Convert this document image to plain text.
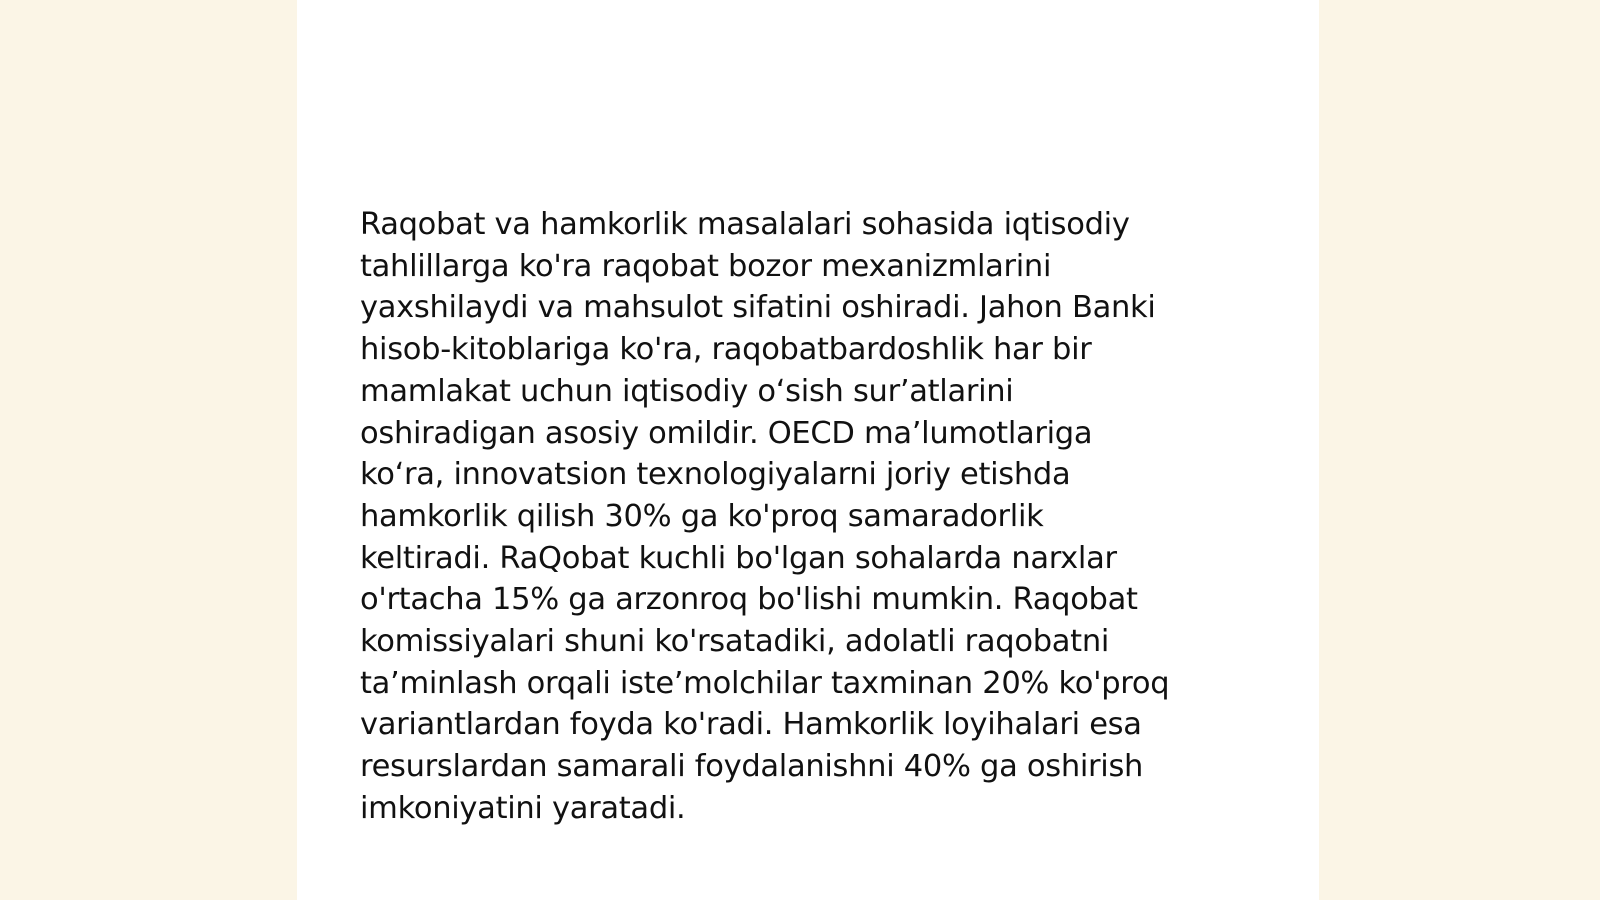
Raqobat va hamkorlik masalalari sohasida iqtisodiy
tahlillarga ko'ra raqobat bozor mexanizmlarini
yaxshilaydi va mahsulot sifatini oshiradi. Jahon Banki
hisob-kitoblariga ko'ra, raqobatbardoshlik har bir
mamlakat uchun iqtisodiy o‘sish sur’atlarini
oshiradigan asosiy omildir. OECD ma’lumotlariga
ko‘ra, innovatsion texnologiyalarni joriy etishda
hamkorlik qilish 30% ga ko'proq samaradorlik
keltiradi. RaQobat kuchli bo'lgan sohalarda narxlar
o'rtacha 15% ga arzonroq bo'lishi mumkin. Raqobat
komissiyalari shuni ko'rsatadiki, adolatli raqobatni
ta’minlash orqali iste’molchilar taxminan 20% ko'proq
variantlardan foyda ko'radi. Hamkorlik loyihalari esa
resurslardan samarali foydalanishni 40% ga oshirish
imkoniyatini yaratadi.
